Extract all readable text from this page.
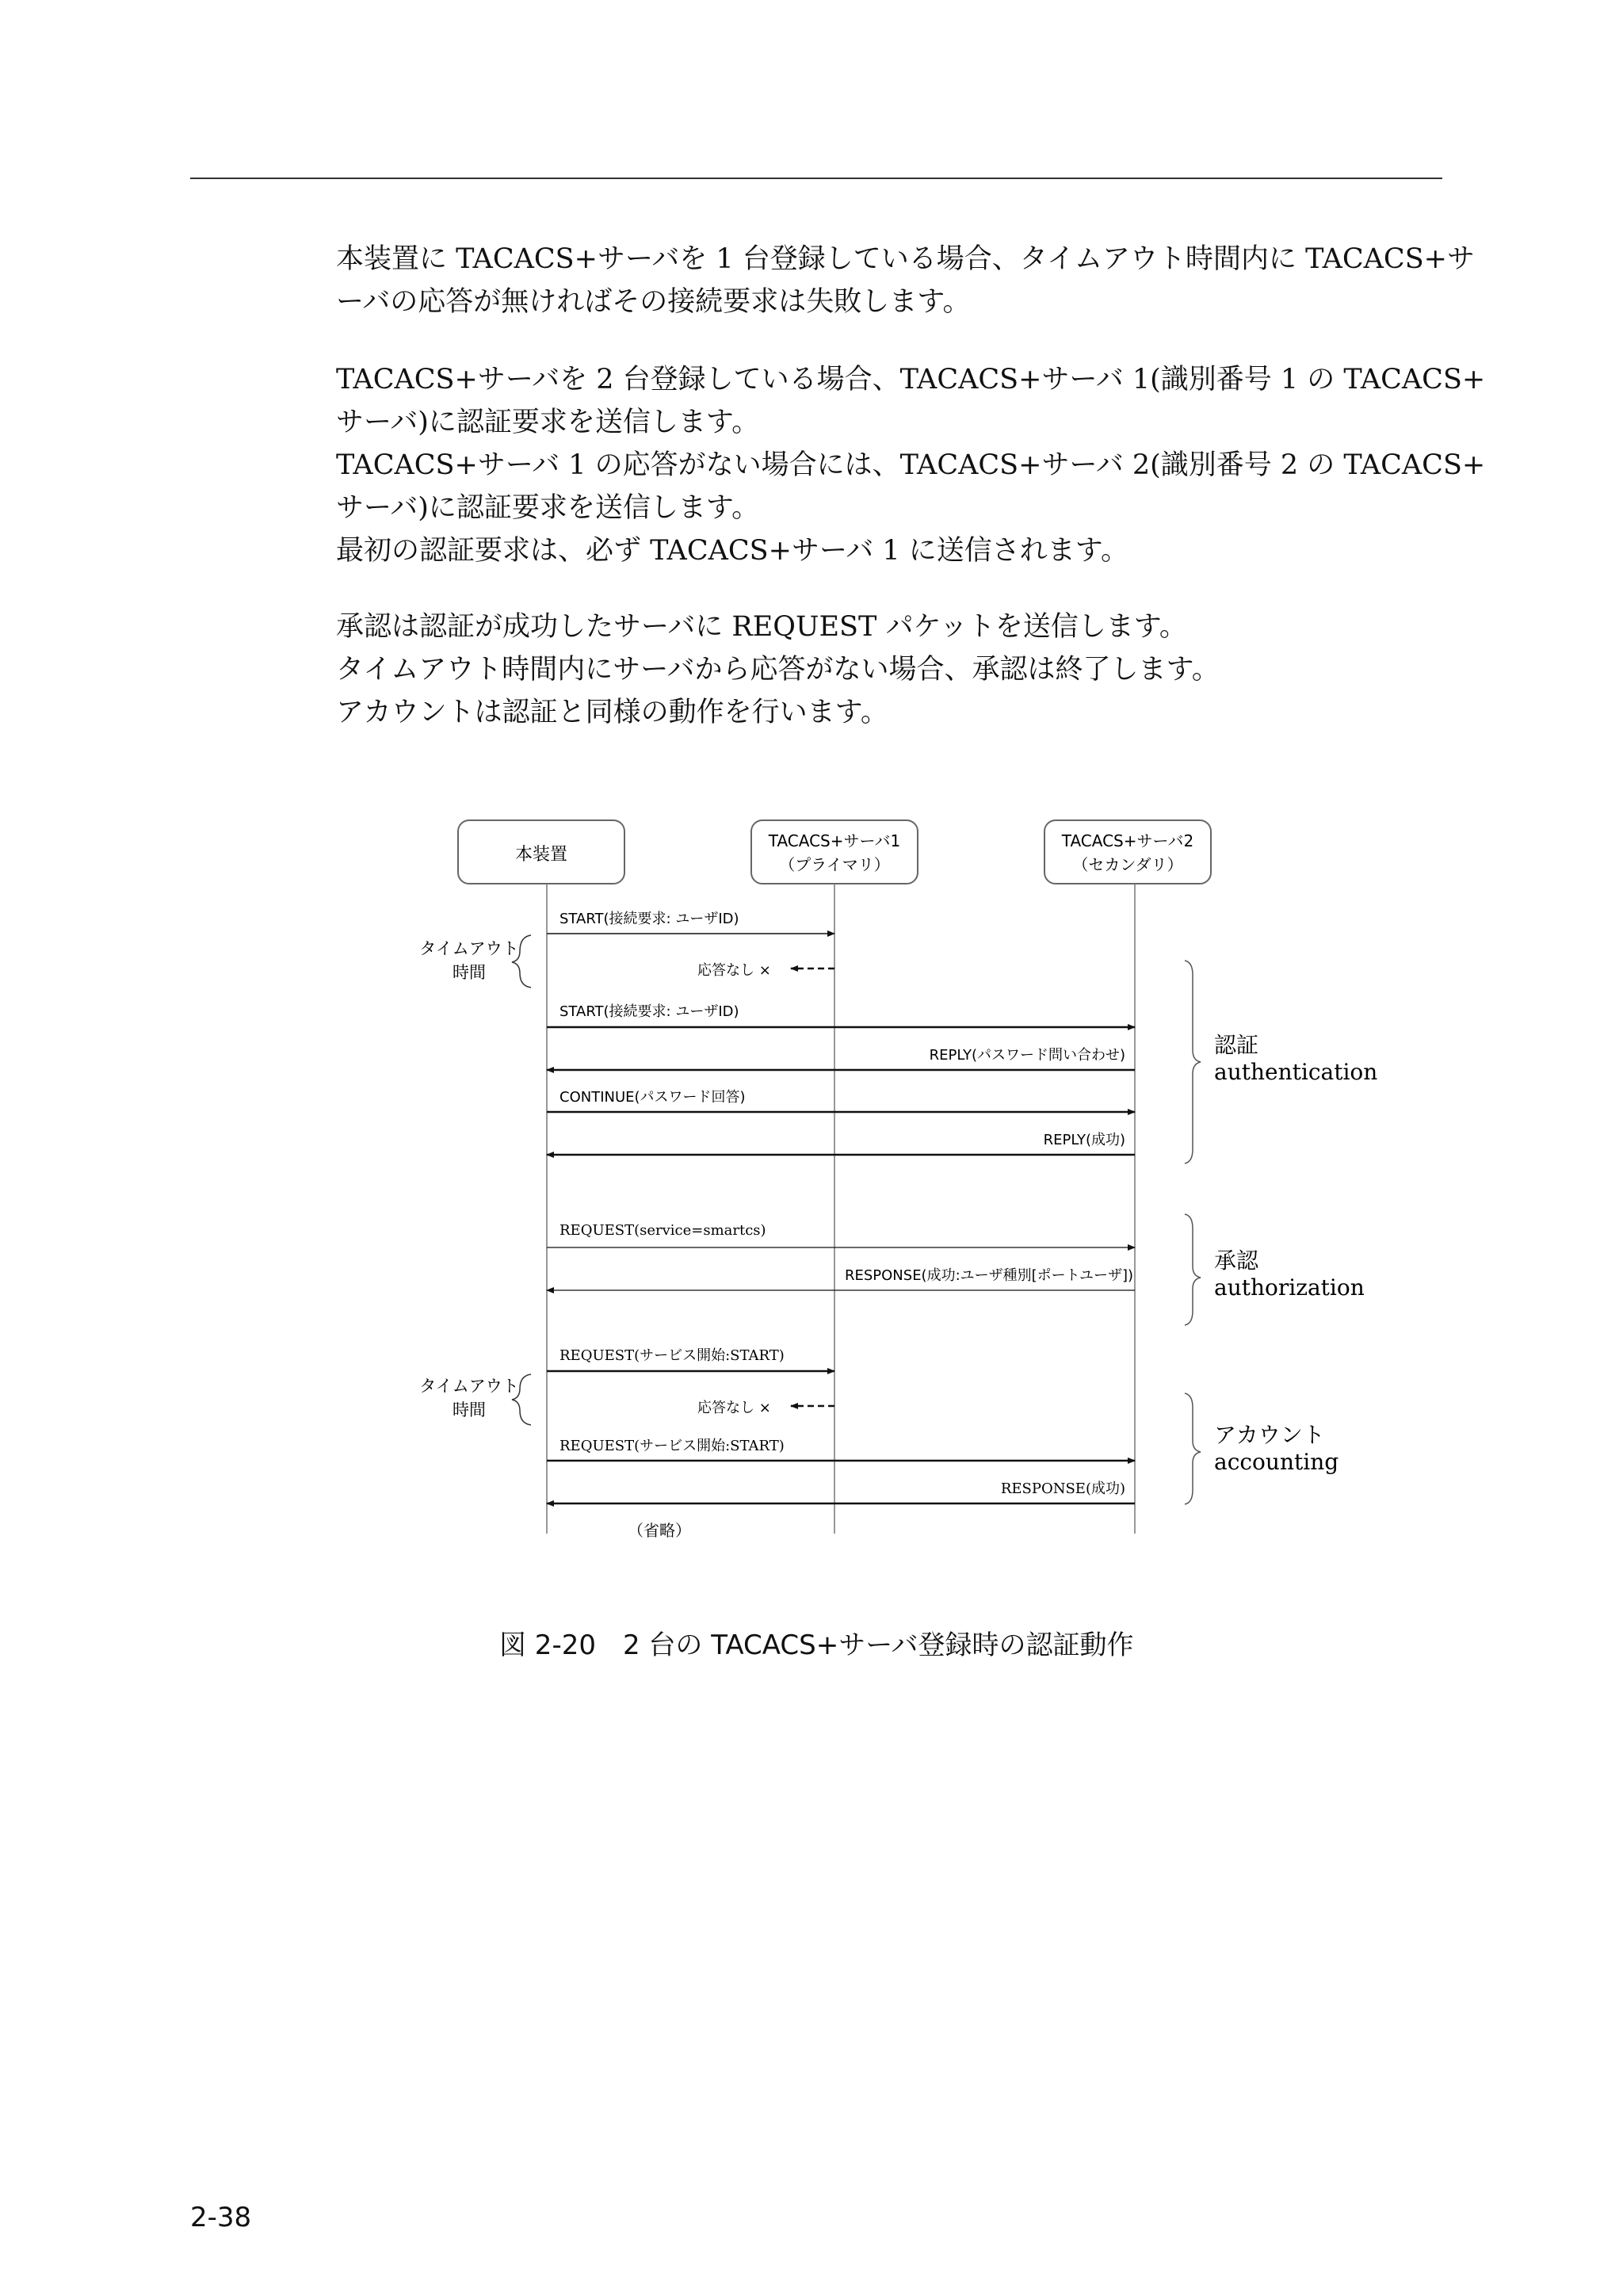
本装置に TACACS+サーバを 1 台登録している場合、タイムアウト時間内に TACACS+サ
ーバの応答が無ければその接続要求は失敗します。
TACACS+サーバを 2 台登録している場合、TACACS+サーバ 1(識別番号 1 の TACACS+
サーバ)に認証要求を送信します。
TACACS+サーバ 1 の応答がない場合には、TACACS+サーバ 2(識別番号 2 の TACACS+
サーバ)に認証要求を送信します。
最初の認証要求は、必ず TACACS+サーバ 1 に送信されます。
承認は認証が成功したサーバに REQUEST パケットを送信します。
タイムアウト時間内にサーバから応答がない場合、承認は終了します。
アカウントは認証と同様の動作を行います。
本装置
TACACS+サーバ1
（プライマリ）
TACACS+サーバ2
（セカンダリ）
タイムアウト
時間
タイムアウト
時間
START(接続要求: ユーザID)
応答なし ×
START(接続要求: ユーザID)
REPLY(パスワード問い合わせ)
CONTINUE(パスワード回答)
REPLY(成功)
REQUEST(service=smartcs)
RESPONSE(成功:ユーザ種別[ポートユーザ])
REQUEST(サービス開始:START)
応答なし ×
REQUEST(サービス開始:START)
RESPONSE(成功)
（省略）
認証
authentication
承認
authorization
アカウント
accounting
図 2-20　2 台の TACACS+サーバ登録時の認証動作
2-38
